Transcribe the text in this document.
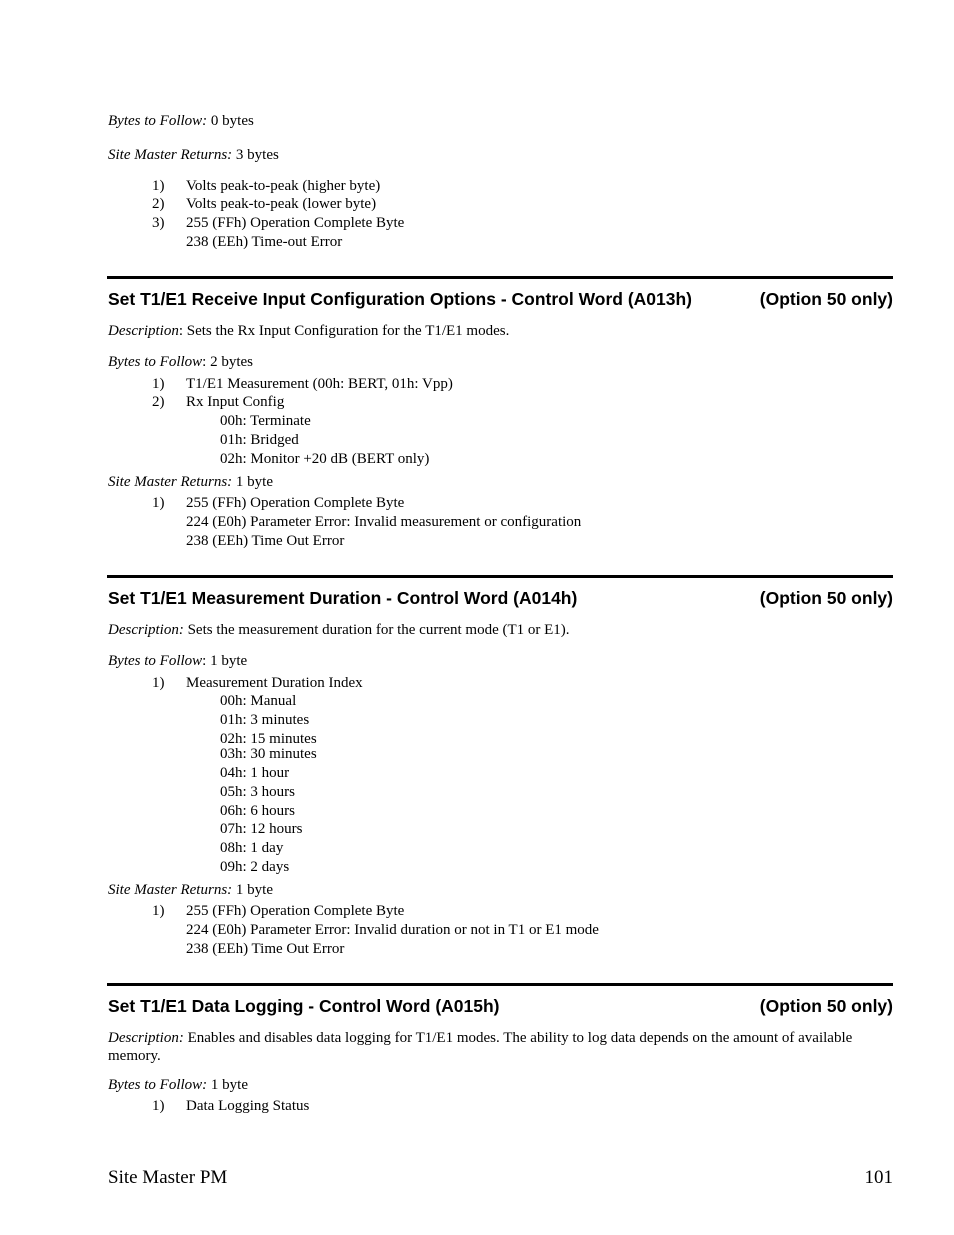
Bytes to Follow: 0 bytes
Site Master Returns: 3 bytes
1) Volts peak-to-peak (higher byte)
2) Volts peak-to-peak (lower byte)
3) 255 (FFh) Operation Complete Byte
238 (EEh) Time-out Error
Set T1/E1 Receive Input Configuration Options - Control Word (A013h)	(Option 50 only)
Description: Sets the Rx Input Configuration for the T1/E1 modes.
Bytes to Follow: 2 bytes
1) T1/E1 Measurement (00h: BERT, 01h: Vpp)
2) Rx Input Config
00h: Terminate
01h: Bridged
02h: Monitor +20 dB (BERT only)
Site Master Returns: 1 byte
1) 255 (FFh) Operation Complete Byte
224 (E0h) Parameter Error: Invalid measurement or configuration
238 (EEh) Time Out Error
Set T1/E1 Measurement Duration - Control Word (A014h)	(Option 50 only)
Description: Sets the measurement duration for the current mode (T1 or E1).
Bytes to Follow: 1 byte
1) Measurement Duration Index
00h: Manual
01h: 3 minutes
02h: 15 minutes
03h: 30 minutes
04h: 1 hour
05h: 3 hours
06h: 6 hours
07h: 12 hours
08h: 1 day
09h: 2 days
Site Master Returns: 1 byte
1) 255 (FFh) Operation Complete Byte
224 (E0h) Parameter Error: Invalid duration or not in T1 or E1 mode
238 (EEh) Time Out Error
Set T1/E1 Data Logging - Control Word (A015h)	(Option 50 only)
Description: Enables and disables data logging for T1/E1 modes. The ability to log data depends on the amount of available memory.
Bytes to Follow: 1 byte
1) Data Logging Status
Site Master PM	101
